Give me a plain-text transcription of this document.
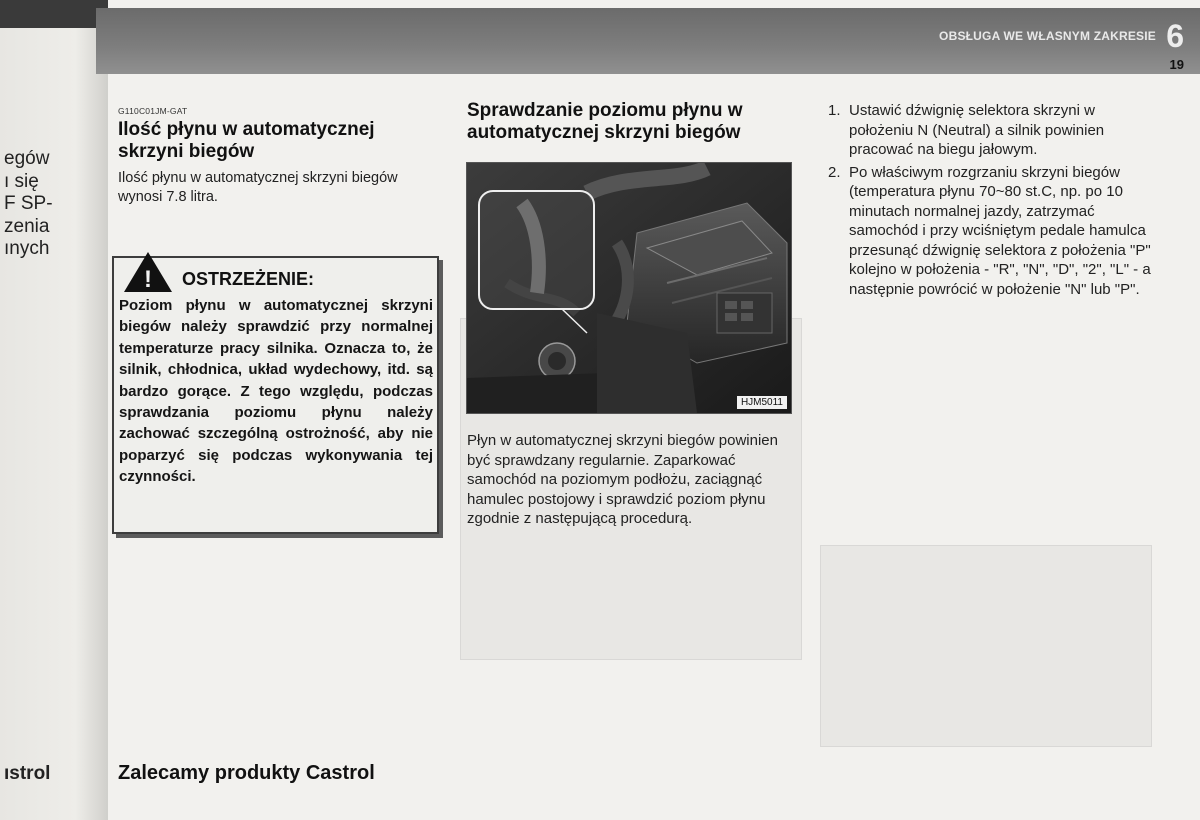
egów
ı się
F SP-
zenia
ınych
ıstrol
OBSŁUGA WE WŁASNYM ZAKRESIE 6
19
G110C01JM-GAT
Ilość płynu w automatycznej skrzyni biegów
Ilość płynu w automatycznej skrzyni biegów wynosi 7.8 litra.
! OSTRZEŻENIE:
Poziom płynu w automatycznej skrzyni biegów należy sprawdzić przy normalnej temperaturze pracy silnika. Oznacza to, że silnik, chłodnica, układ wydechowy, itd. są bardzo gorące. Z tego względu, podczas sprawdzania poziomu płynu należy zachować szczególną ostrożność, aby nie poparzyć się podczas wykonywania tej czynności.
Zalecamy produkty Castrol
Sprawdzanie poziomu płynu w automatycznej skrzyni biegów
HJM5011
Płyn w automatycznej skrzyni biegów powinien być sprawdzany regularnie. Zaparkować samochód na poziomym podłożu, zaciągnąć hamulec postojowy i sprawdzić poziom płynu zgodnie z następującą procedurą.
1. Ustawić dźwignię selektora skrzyni w położeniu N (Neutral) a silnik powinien pracować na biegu jałowym.
2. Po właściwym rozgrzaniu skrzyni biegów (temperatura płynu 70~80 st.C, np. po 10 minutach normalnej jazdy, zatrzymać samochód i przy wciśniętym pedale hamulca przesunąć dźwignię selektora z położenia "P" kolejno w położenia - "R", "N", "D", "2", "L" - a następnie powrócić w położenie "N" lub "P".
